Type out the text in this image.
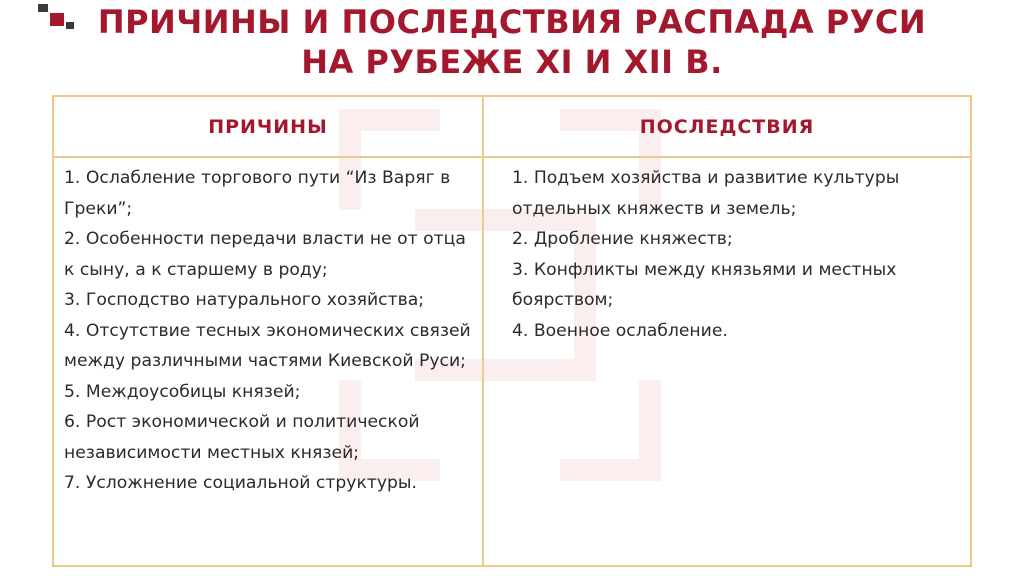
ПРИЧИНЫ И ПОСЛЕДСТВИЯ РАСПАДА РУСИ
НА РУБЕЖЕ XI И XII В.
ПРИЧИНЫ	ПОСЛЕДСТВИЯ
1. Ослабление торгового пути “Из Варяг в Греки”;
2. Особенности передачи власти не от отца к сыну, а к старшему в роду;
3. Господство натурального хозяйства;
4. Отсутствие тесных экономических связей между различными частями Киевской Руси;
5. Междоусобицы князей;
6. Рост экономической и политической независимости местных князей;
7. Усложнение социальной структуры.
1. Подъем хозяйства и развитие культуры отдельных княжеств и земель;
2. Дробление княжеств;
3. Конфликты между князьями и местных боярством;
4. Военное ослабление.
